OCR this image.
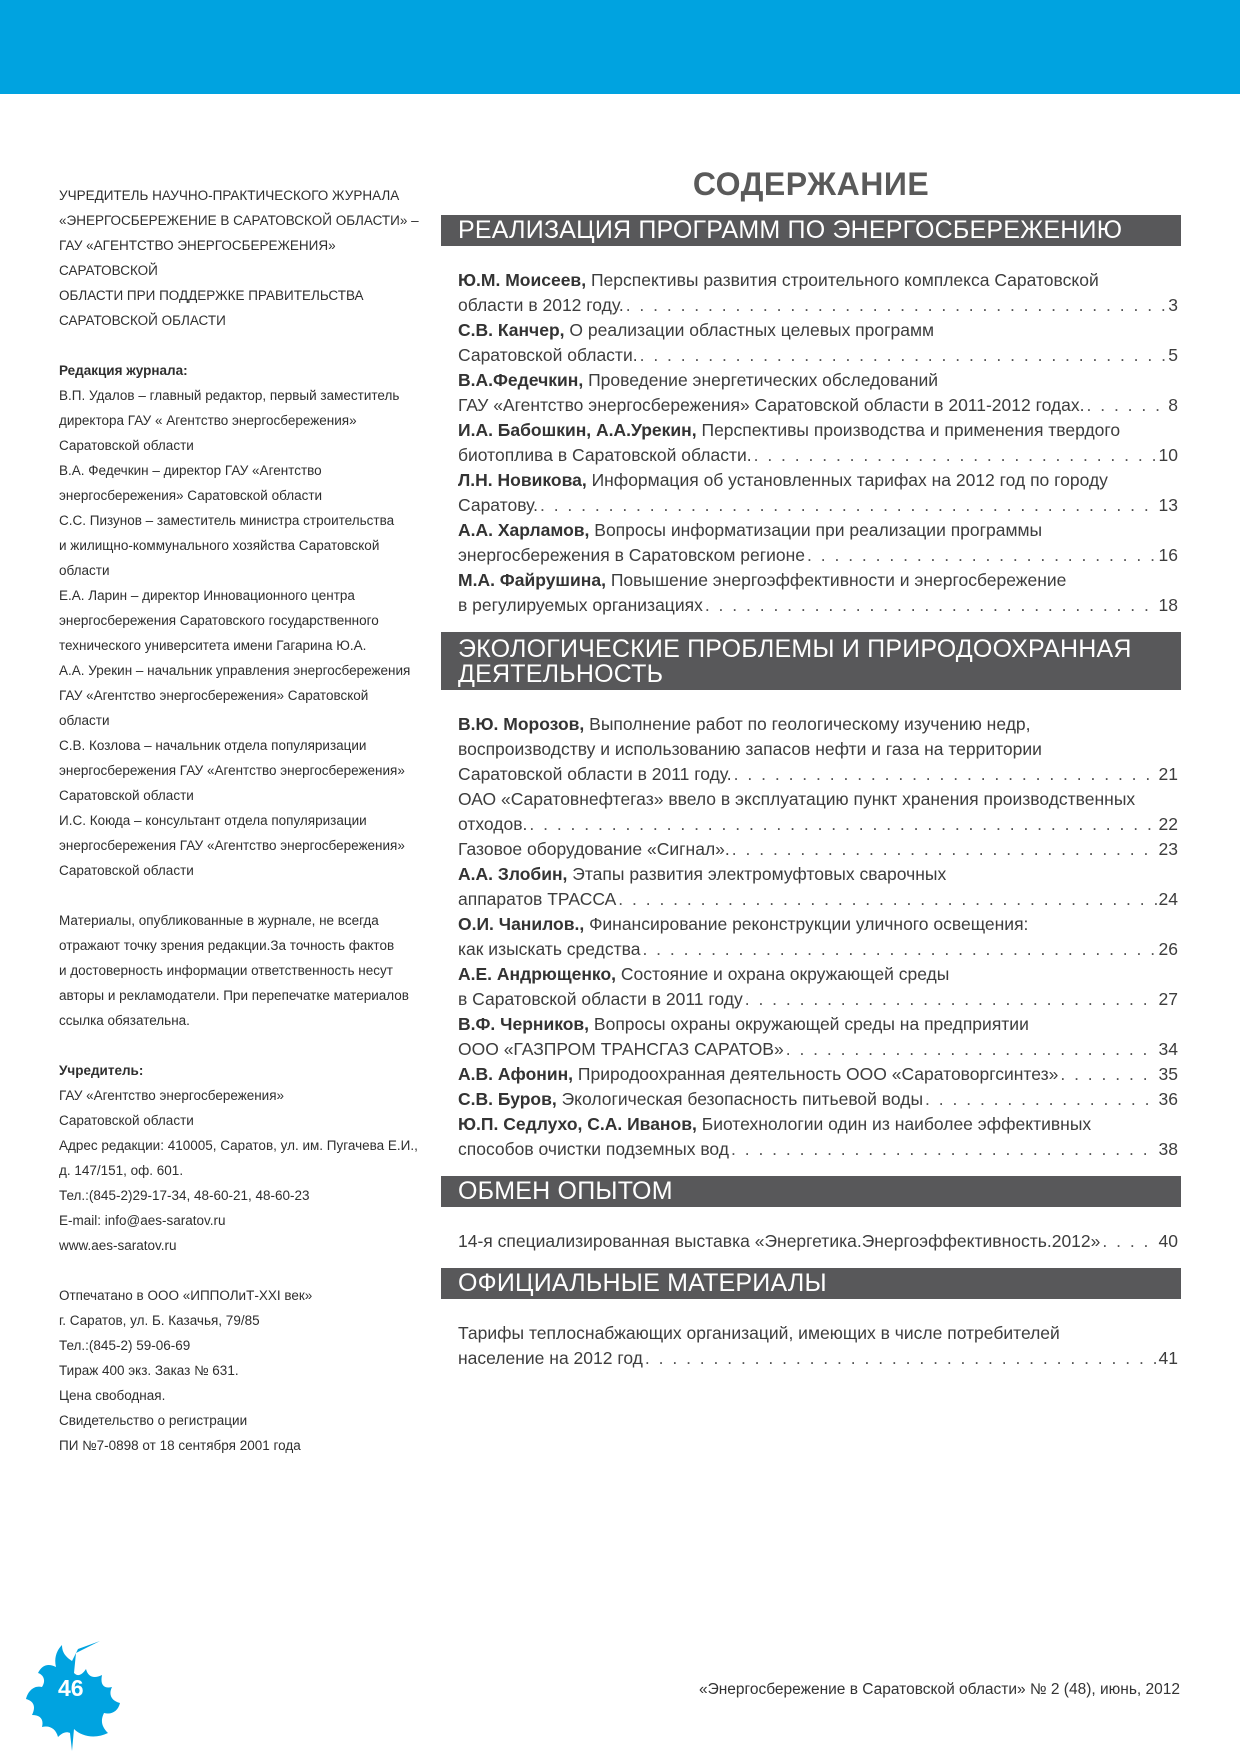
УЧРЕДИТЕЛЬ НАУЧНО-ПРАКТИЧЕСКОГО ЖУРНАЛА

«ЭНЕРГОСБЕРЕЖЕНИЕ В САРАТОВСКОЙ ОБЛАСТИ» –

ГАУ «АГЕНТСТВО ЭНЕРГОСБЕРЕЖЕНИЯ» САРАТОВСКОЙ

ОБЛАСТИ ПРИ ПОДДЕРЖКЕ ПРАВИТЕЛЬСТВА

САРАТОВСКОЙ ОБЛАСТИ

Редакция журнала:

В.П. Удалов – главный редактор, первый заместитель

директора ГАУ « Агентство энергосбережения»

Саратовской области

В.А. Федечкин – директор ГАУ «Агентство

энергосбережения» Саратовской области

С.С. Пизунов – заместитель министра строительства

и жилищно-коммунального хозяйства Саратовской

области

Е.А. Ларин – директор Инновационного центра

энергосбережения Саратовского государственного

технического университета имени Гагарина Ю.А.

А.А. Урекин – начальник управления энергосбережения

ГАУ «Агентство энергосбережения» Саратовской

области

С.В. Козлова – начальник отдела популяризации

энергосбережения ГАУ «Агентство энергосбережения»

Саратовской области

И.С. Коюда – консультант отдела популяризации

энергосбережения ГАУ «Агентство энергосбережения»

Саратовской области

Материалы, опубликованные в журнале, не всегда

отражают точку зрения редакции.За точность фактов

и достоверность информации ответственность несут

авторы и рекламодатели. При перепечатке материалов

ссылка обязательна.

Учредитель:

ГАУ «Агентство энергосбережения»

Саратовской области

Адрес редакции: 410005, Саратов, ул. им. Пугачева Е.И.,

д. 147/151, оф. 601.

Тел.:(845-2)29-17-34, 48-60-21, 48-60-23

E-mail: info@aes-saratov.ru

www.aes-saratov.ru

Отпечатано в ООО «ИППОЛиТ-XXI век»

г. Саратов, ул. Б. Казачья, 79/85

Тел.:(845-2) 59-06-69

Тираж 400 экз. Заказ № 631.

Цена свободная.

Свидетельство о регистрации

ПИ №7-0898 от 18 сентября 2001 года

СОДЕРЖАНИЕ
РЕАЛИЗАЦИЯ ПРОГРАММ ПО ЭНЕРГОСБЕРЕЖЕНИЮ
Ю.М. Моисеев, Перспективы развития строительного комплекса Саратовской
области в 2012 году. . . .	3
С.В. Канчер, О реализации областных целевых программ
Саратовской области. . . .	5
В.А.Федечкин, Проведение энергетических обследований
ГАУ «Агентство энергосбережения» Саратовской области в 2011-2012 годах. . . .	8
И.А. Бабошкин, А.А.Урекин, Перспективы производства и применения твердого
биотоплива в Саратовской области. . . .	10
Л.Н. Новикова, Информация об установленных тарифах на 2012 год по городу
Саратову. . . .	13
А.А. Харламов, Вопросы информатизации при реализации программы
энергосбережения в Саратовском регионе . . .	16
М.А. Файрушина, Повышение энергоэффективности и энергосбережение
в регулируемых организациях . . .	18
ЭКОЛОГИЧЕСКИЕ ПРОБЛЕМЫ И ПРИРОДООХРАННАЯ
ДЕЯТЕЛЬНОСТЬ
В.Ю. Морозов, Выполнение работ по геологическому изучению недр,
воспроизводству и использованию запасов нефти и газа на территории
Саратовской области в 2011 году. . . .	21
ОАО «Саратовнефтегаз» ввело в эксплуатацию пункт хранения производственных
отходов. . . .	22
Газовое оборудование «Сигнал». . . .	23
А.А. Злобин, Этапы развития электромуфтовых сварочных
аппаратов ТРАССА . . .	24
О.И. Чанилов., Финансирование реконструкции уличного освещения:
как изыскать средства . . .	26
А.Е. Андрющенко, Состояние и охрана окружающей среды
в Саратовской области в 2011 году . . .	27
В.Ф. Черников, Вопросы охраны окружающей среды на предприятии
ООО «ГАЗПРОМ ТРАНСГАЗ САРАТОВ» . . .	34
А.В. Афонин, Природоохранная деятельность ООО «Саратоворгсинтез» . . .	35
С.В. Буров, Экологическая безопасность питьевой воды . . .	36
Ю.П. Седлухо, С.А. Иванов, Биотехнологии один из наиболее эффективных
способов очистки подземных вод . . .	38
ОБМЕН ОПЫТОМ
14-я специализированная выставка «Энергетика.Энергоэффективность.2012» . . .	40
ОФИЦИАЛЬНЫЕ МАТЕРИАЛЫ
Тарифы теплоснабжающих организаций, имеющих в числе потребителей
население на 2012 год . . .	41
46	«Энергосбережение в Саратовской области» № 2 (48), июнь, 2012
